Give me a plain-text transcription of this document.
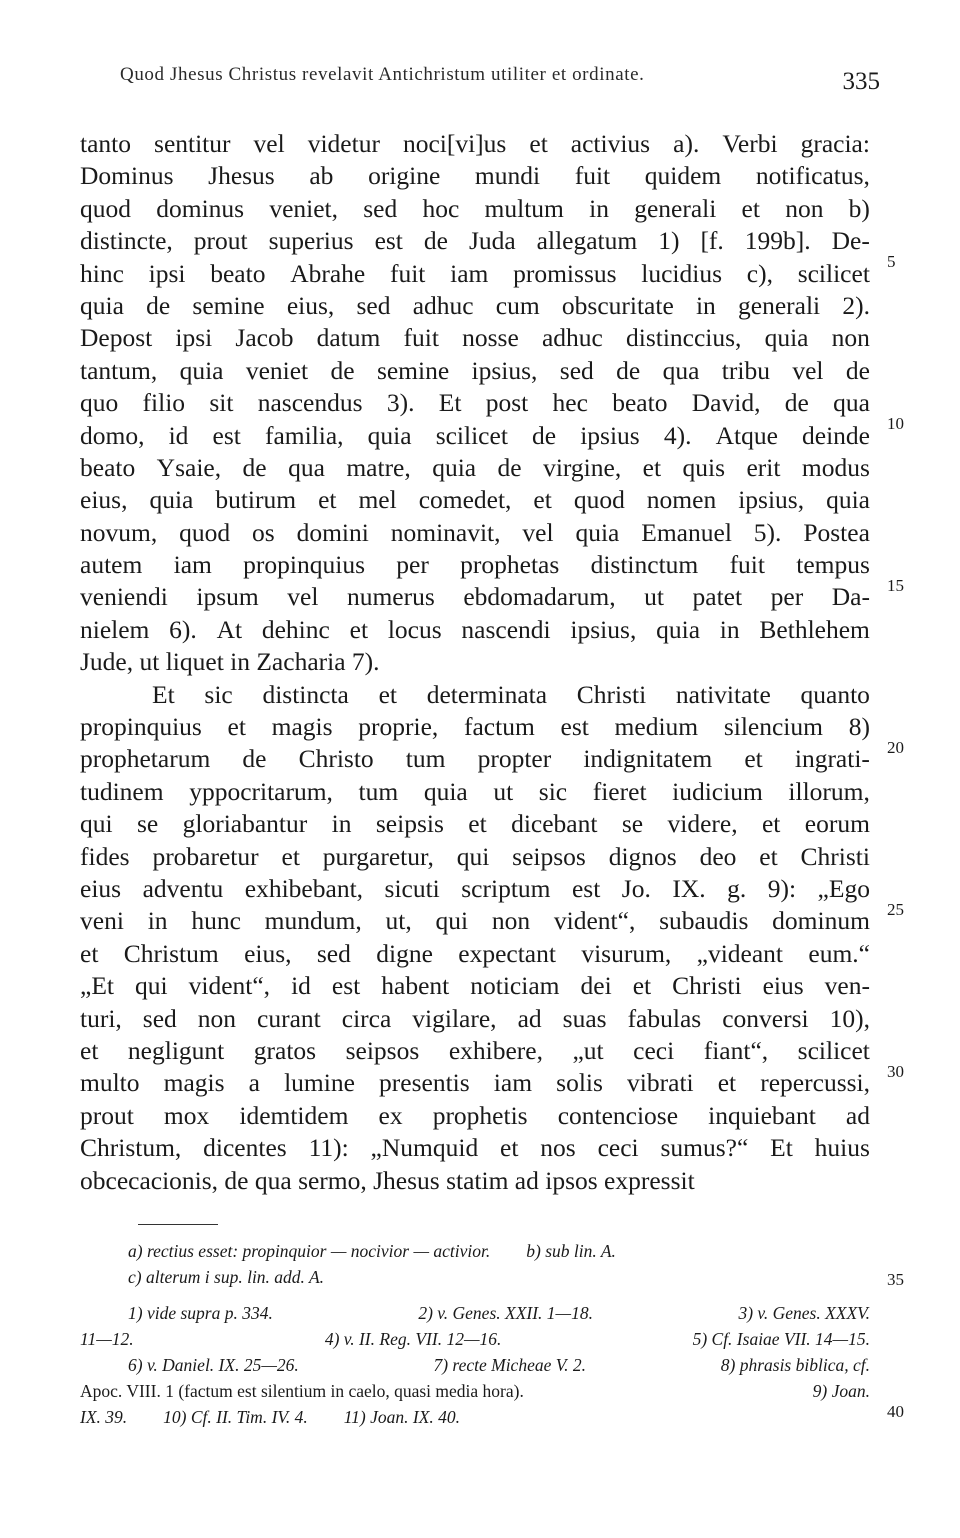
Quod Jhesus Christus revelavit Antichristum utiliter et ordinate.	335
tanto sentitur vel videtur noci[vi]us et activius a). Verbi gracia:
Dominus Jhesus ab origine mundi fuit quidem notificatus,
quod dominus veniet, sed hoc multum in generali et non b)
distincte, prout superius est de Juda allegatum 1) [f. 199b]. De-
hinc ipsi beato Abrahe fuit iam promissus lucidius c), scilicet
quia de semine eius, sed adhuc cum obscuritate in generali 2).
Depost ipsi Jacob datum fuit nosse adhuc distinccius, quia non
tantum, quia veniet de semine ipsius, sed de qua tribu vel de
quo filio sit nascendus 3). Et post hec beato David, de qua
domo, id est familia, quia scilicet de ipsius 4). Atque deinde
beato Ysaie, de qua matre, quia de virgine, et quis erit modus
eius, quia butirum et mel comedet, et quod nomen ipsius, quia
novum, quod os domini nominavit, vel quia Emanuel 5). Postea
autem iam propinquius per prophetas distinctum fuit tempus
veniendi ipsum vel numerus ebdomadarum, ut patet per Da-
nielem 6). At dehinc et locus nascendi ipsius, quia in Bethlehem
Jude, ut liquet in Zacharia 7).
Et sic distincta et determinata Christi nativitate quanto
propinquius et magis proprie, factum est medium silencium 8)
prophetarum de Christo tum propter indignitatem et ingrati-
tudinem yppocritarum, tum quia ut sic fieret iudicium illorum,
qui se gloriabantur in seipsis et dicebant se videre, et eorum
fides probaretur et purgaretur, qui seipsos dignos deo et Christi
eius adventu exhibebant, sicuti scriptum est Jo. IX. g. 9): „Ego
veni in hunc mundum, ut, qui non vident“, subaudis dominum
et Christum eius, sed digne expectant visurum, „videant eum.“
„Et qui vident“, id est habent noticiam dei et Christi eius ven-
turi, sed non curant circa vigilare, ad suas fabulas conversi 10),
et negligunt gratos seipsos exhibere, „ut ceci fiant“, scilicet
multo magis a lumine presentis iam solis vibrati et repercussi,
prout mox idemtidem ex prophetis contenciose inquiebant ad
Christum, dicentes 11): „Numquid et nos ceci sumus?“ Et huius
obcecacionis, de qua sermo, Jhesus statim ad ipsos expressit
5
10
15
20
25
30
a) rectius esset: propinquior — nocivior — activior. b) sub lin. A.
c) alterum i sup. lin. add. A.	35
1) vide supra p. 334.	2) v. Genes. XXII. 1—18.	3) v. Genes. XXXV.
11—12.	4) v. II. Reg. VII. 12—16.	5) Cf. Isaiae VII. 14—15.
6) v. Daniel. IX. 25—26.	7) recte Micheae V. 2.	8) phrasis biblica, cf.
Apoc. VIII. 1 (factum est silentium in caelo, quasi media hora).	9) Joan.
IX. 39. 10) Cf. II. Tim. IV. 4. 11) Joan. IX. 40.	40
